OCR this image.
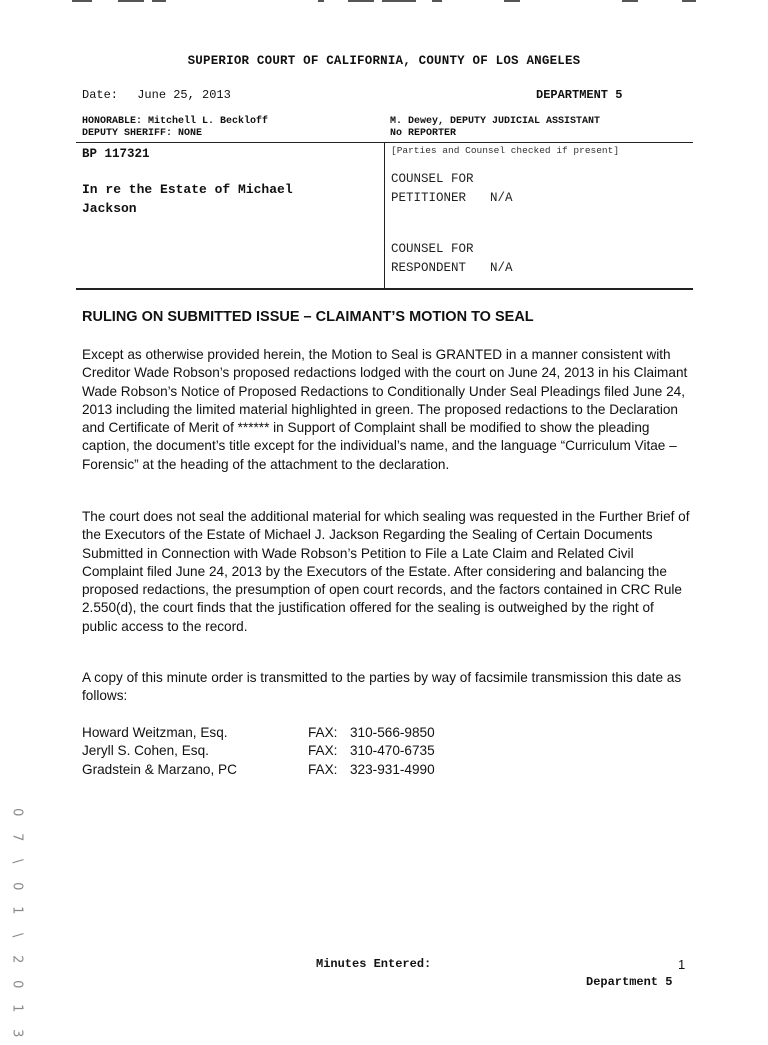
SUPERIOR COURT OF CALIFORNIA, COUNTY OF LOS ANGELES
Date: June 25, 2013	DEPARTMENT 5
HONORABLE: Mitchell L. Beckloff
DEPUTY SHERIFF: NONE
M. Dewey, DEPUTY JUDICIAL ASSISTANT
No REPORTER
BP 117321	[Parties and Counsel checked if present]
In re the Estate of Michael Jackson
COUNSEL FOR
PETITIONER N/A
COUNSEL FOR
RESPONDENT N/A
RULING ON SUBMITTED ISSUE – CLAIMANT’S MOTION TO SEAL

Except as otherwise provided herein, the Motion to Seal is GRANTED in a manner consistent with Creditor Wade Robson’s proposed redactions lodged with the court on June 24, 2013 in his Claimant Wade Robson’s Notice of Proposed Redactions to Conditionally Under Seal Pleadings filed June 24, 2013 including the limited material highlighted in green. The proposed redactions to the Declaration and Certificate of Merit of ****** in Support of Complaint shall be modified to show the pleading caption, the document’s title except for the individual’s name, and the language “Curriculum Vitae – Forensic” at the heading of the attachment to the declaration.

The court does not seal the additional material for which sealing was requested in the Further Brief of the Executors of the Estate of Michael J. Jackson Regarding the Sealing of Certain Documents Submitted in Connection with Wade Robson’s Petition to File a Late Claim and Related Civil Complaint filed June 24, 2013 by the Executors of the Estate. After considering and balancing the proposed redactions, the presumption of open court records, and the factors contained in CRC Rule 2.550(d), the court finds that the justification offered for the sealing is outweighed by the right of public access to the record.

A copy of this minute order is transmitted to the parties by way of facsimile transmission this date as follows:

Howard Weitzman, Esq.	FAX: 310-566-9850
Jeryll S. Cohen, Esq.	FAX: 310-470-6735
Gradstein & Marzano, PC	FAX: 323-931-4990
Minutes Entered:	1
Department 5
0
7
\
0
1
\
2
0
1
3
